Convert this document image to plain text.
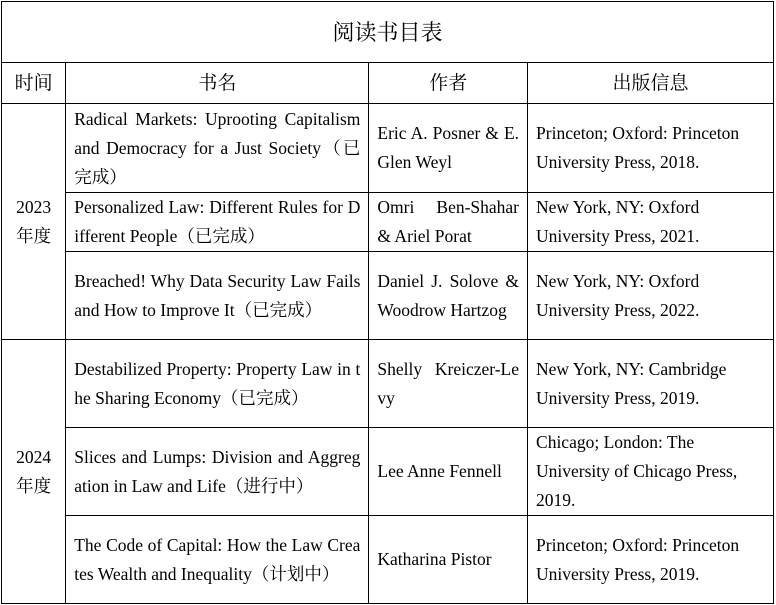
阅读书目表			
时间	书名	作者	出版信息
2023年度	Radical Markets: Uprooting Capitalism and Democracy for a Just Society（已完成）	Eric A. Posner & E. Glen Weyl	Princeton; Oxford: Princeton University Press, 2018.
	Personalized Law: Different Rules for Different People（已完成）	Omri Ben-Shahar & Ariel Porat	New York, NY: Oxford University Press, 2021.
	Breached! Why Data Security Law Fails and How to Improve It（已完成）	Daniel J. Solove & Woodrow Hartzog	New York, NY: Oxford University Press, 2022.
2024年度	Destabilized Property: Property Law in the Sharing Economy（已完成）	Shelly Kreiczer-Levy	New York, NY: Cambridge University Press, 2019.
	Slices and Lumps: Division and Aggregation in Law and Life（进行中）	Lee Anne Fennell	Chicago; London: The University of Chicago Press, 2019.
	The Code of Capital: How the Law Creates Wealth and Inequality（计划中）	Katharina Pistor	Princeton; Oxford: Princeton University Press, 2019.
